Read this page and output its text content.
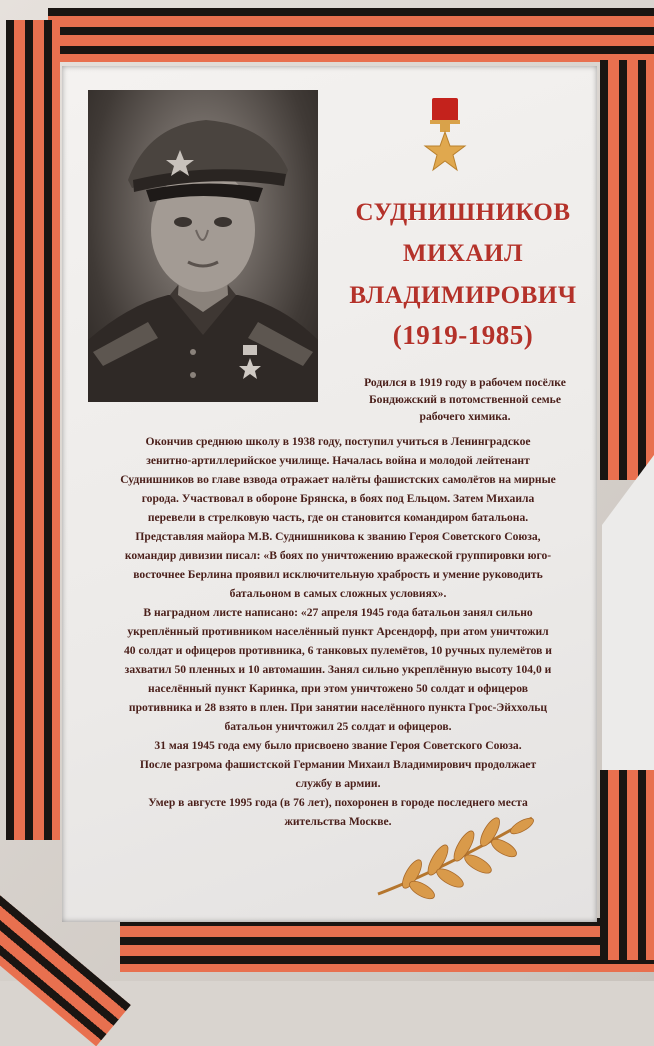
СУДНИШНИКОВ
МИХАИЛ
ВЛАДИМИРОВИЧ
(1919-1985)

Родился в 1919 году в рабочем посёлке

Бондюжский в потомственной семье

рабочего химика.

Окончив среднюю школу в 1938 году, поступил учиться в Ленинградское

зенитно-артиллерийское училище. Началась война и молодой лейтенант

Суднишников во главе взвода отражает налёты фашистских самолётов на мирные

города. Участвовал в обороне Брянска, в боях под Ельцом. Затем Михаила

перевели в стрелковую часть, где он становится командиром батальона.

Представляя майора М.В. Суднишникова к званию Героя Советского Союза,

командир дивизии писал: «В боях по уничтожению вражеской группировки юго-

восточнее Берлина проявил исключительную храбрость и умение руководить

батальоном в самых сложных условиях».

В наградном листе написано: «27 апреля 1945 года батальон занял сильно

укреплённый противником населённый пункт Арсендорф, при атом уничтожил

40 солдат и офицеров противника, 6 танковых пулемётов, 10 ручных пулемётов и

захватил 50 пленных и 10 автомашин. Занял сильно укреплённую высоту 104,0 и

населённый пункт Каринка, при этом уничтожено 50 солдат и офицеров

противника и 28 взято в плен. При занятии населённого пункта Грос-Эйххольц

батальон уничтожил 25 солдат и офицеров.

31 мая 1945 года ему было присвоено звание Героя Советского Союза.

После разгрома фашистской Германии Михаил Владимирович продолжает

службу в армии.

Умер в августе 1995 года (в 76 лет), похоронен в городе последнего места

жительства Москве.
